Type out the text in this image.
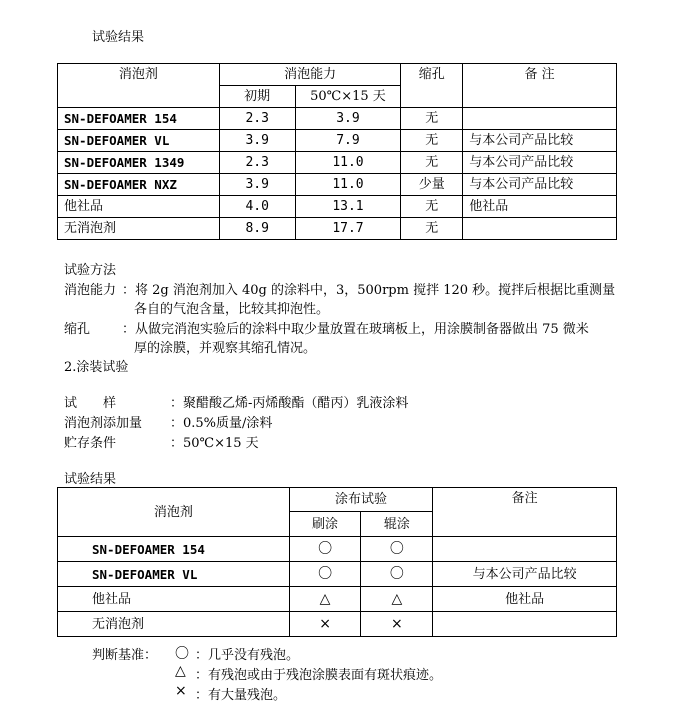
试验结果
消泡剂	消泡能力		缩孔	备 注
	初期	50℃×15 天		
SN-DEFOAMER 154	2.3	3.9	无	
SN-DEFOAMER VL	3.9	7.9	无	与本公司产品比较
SN-DEFOAMER 1349	2.3	11.0	无	与本公司产品比较
SN-DEFOAMER NXZ	3.9	11.0	少量	与本公司产品比较
他社品	4.0	13.1	无	他社品
无消泡剂	8.9	17.7	无	
试验方法
消泡能力 ：将 2g 消泡剂加入 40g 的涂料中，3，500rpm 搅拌 120 秒。搅拌后根据比重测量
各自的气泡含量，比较其抑泡性。
缩孔 ：从做完消泡实验后的涂料中取少量放置在玻璃板上，用涂膜制备器做出 75 微米
厚的涂膜，并观察其缩孔情况。
2.涂装试验
试　　样	：聚醋酸乙烯-丙烯酸酯（醋丙）乳液涂料
消泡剂添加量 ：0.5%质量/涂料
贮存条件	：50℃×15 天
试验结果
消泡剂	涂布试验		备注
	刷涂	辊涂	
SN-DEFOAMER 154	〇	〇	
SN-DEFOAMER VL	〇	〇	与本公司产品比较
他社品	△	△	他社品
无消泡剂	×	×	
判断基准： 〇 ：几乎没有残泡。
△ ：有残泡或由于残泡涂膜表面有斑状痕迹。
× ：有大量残泡。
